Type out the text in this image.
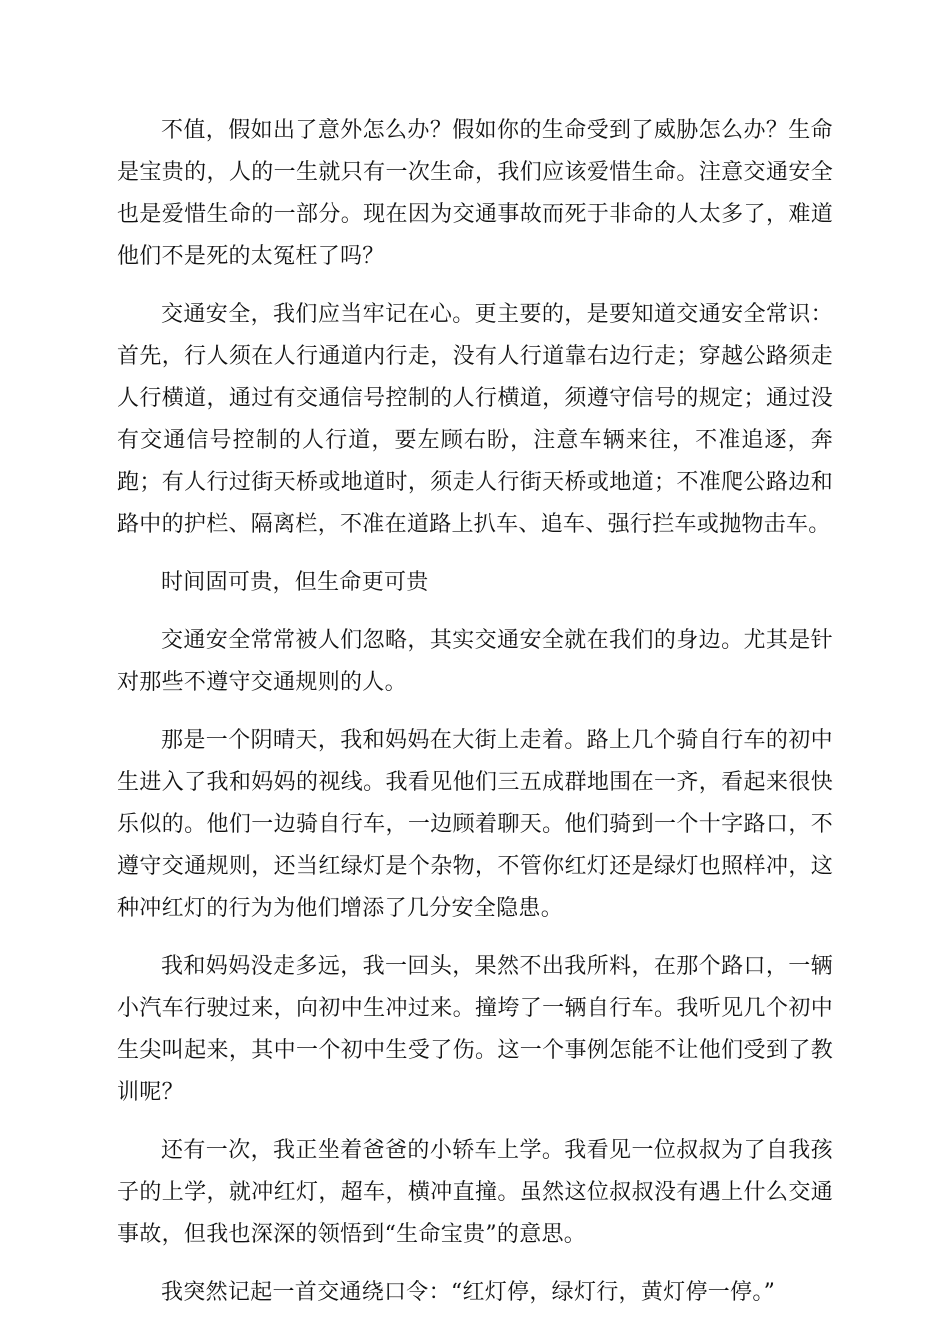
不值，假如出了意外怎么办？假如你的生命受到了威胁怎么办？生命是宝贵的，人的一生就只有一次生命，我们应该爱惜生命。注意交通安全也是爱惜生命的一部分。现在因为交通事故而死于非命的人太多了，难道他们不是死的太冤枉了吗？

交通安全，我们应当牢记在心。更主要的，是要知道交通安全常识：首先，行人须在人行通道内行走，没有人行道靠右边行走；穿越公路须走人行横道，通过有交通信号控制的人行横道，须遵守信号的规定；通过没有交通信号控制的人行道，要左顾右盼，注意车辆来往，不准追逐，奔跑；有人行过街天桥或地道时，须走人行街天桥或地道；不准爬公路边和路中的护栏、隔离栏，不准在道路上扒车、追车、强行拦车或抛物击车。

时间固可贵，但生命更可贵

交通安全常常被人们忽略，其实交通安全就在我们的身边。尤其是针对那些不遵守交通规则的人。

那是一个阴晴天，我和妈妈在大街上走着。路上几个骑自行车的初中生进入了我和妈妈的视线。我看见他们三五成群地围在一齐，看起来很快乐似的。他们一边骑自行车，一边顾着聊天。他们骑到一个十字路口，不遵守交通规则，还当红绿灯是个杂物，不管你红灯还是绿灯也照样冲，这种冲红灯的行为为他们增添了几分安全隐患。

我和妈妈没走多远，我一回头，果然不出我所料，在那个路口，一辆小汽车行驶过来，向初中生冲过来。撞垮了一辆自行车。我听见几个初中生尖叫起来，其中一个初中生受了伤。这一个事例怎能不让他们受到了教训呢？

还有一次，我正坐着爸爸的小轿车上学。我看见一位叔叔为了自我孩子的上学，就冲红灯，超车，横冲直撞。虽然这位叔叔没有遇上什么交通事故，但我也深深的领悟到“生命宝贵”的意思。

我突然记起一首交通绕口令：“红灯停，绿灯行，黄灯停一停。”
